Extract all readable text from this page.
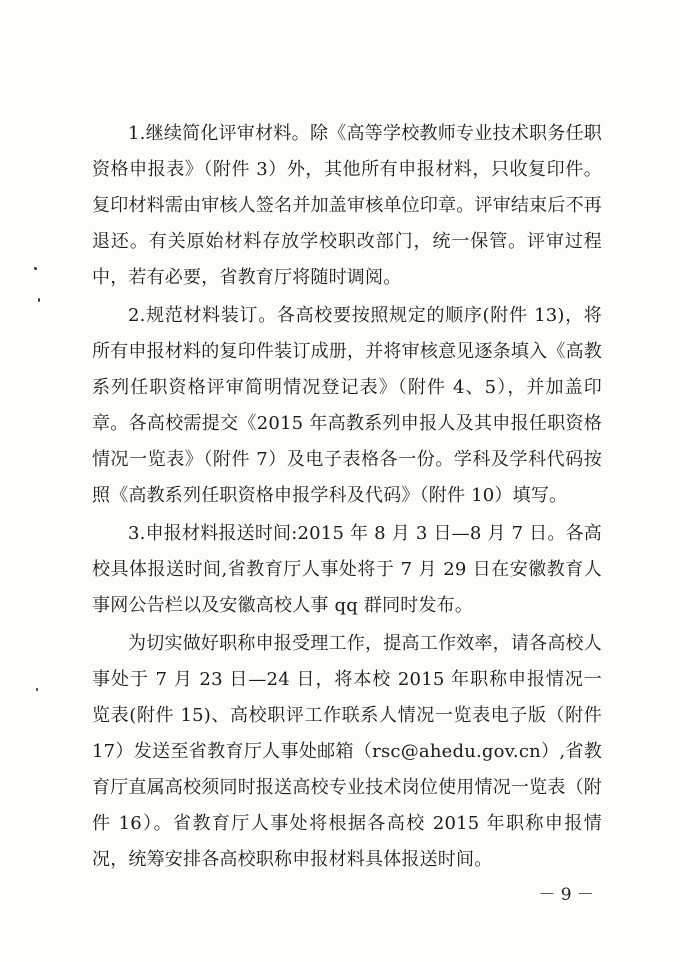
1.继续简化评审材料。除《高等学校教师专业技术职务任职资格申报表》（附件 3）外，其他所有申报材料，只收复印件。复印材料需由审核人签名并加盖审核单位印章。评审结束后不再退还。有关原始材料存放学校职改部门，统一保管。评审过程中，若有必要，省教育厅将随时调阅。

2.规范材料装订。各高校要按照规定的顺序(附件 13)，将所有申报材料的复印件装订成册，并将审核意见逐条填入《高教系列任职资格评审简明情况登记表》（附件 4、5），并加盖印章。各高校需提交《2015 年高教系列申报人及其申报任职资格情况一览表》（附件 7）及电子表格各一份。学科及学科代码按照《高教系列任职资格申报学科及代码》（附件 10）填写。

3.申报材料报送时间:2015 年 8 月 3 日—8 月 7 日。各高校具体报送时间,省教育厅人事处将于 7 月 29 日在安徽教育人事网公告栏以及安徽高校人事 qq 群同时发布。

为切实做好职称申报受理工作，提高工作效率，请各高校人事处于 7 月 23 日—24 日，将本校 2015 年职称申报情况一览表(附件 15)、高校职评工作联系人情况一览表电子版（附件 17）发送至省教育厅人事处邮箱（rsc@ahedu.gov.cn）,省教育厅直属高校须同时报送高校专业技术岗位使用情况一览表（附件 16）。省教育厅人事处将根据各高校 2015 年职称申报情况，统筹安排各高校职称申报材料具体报送时间。

－ 9 －
